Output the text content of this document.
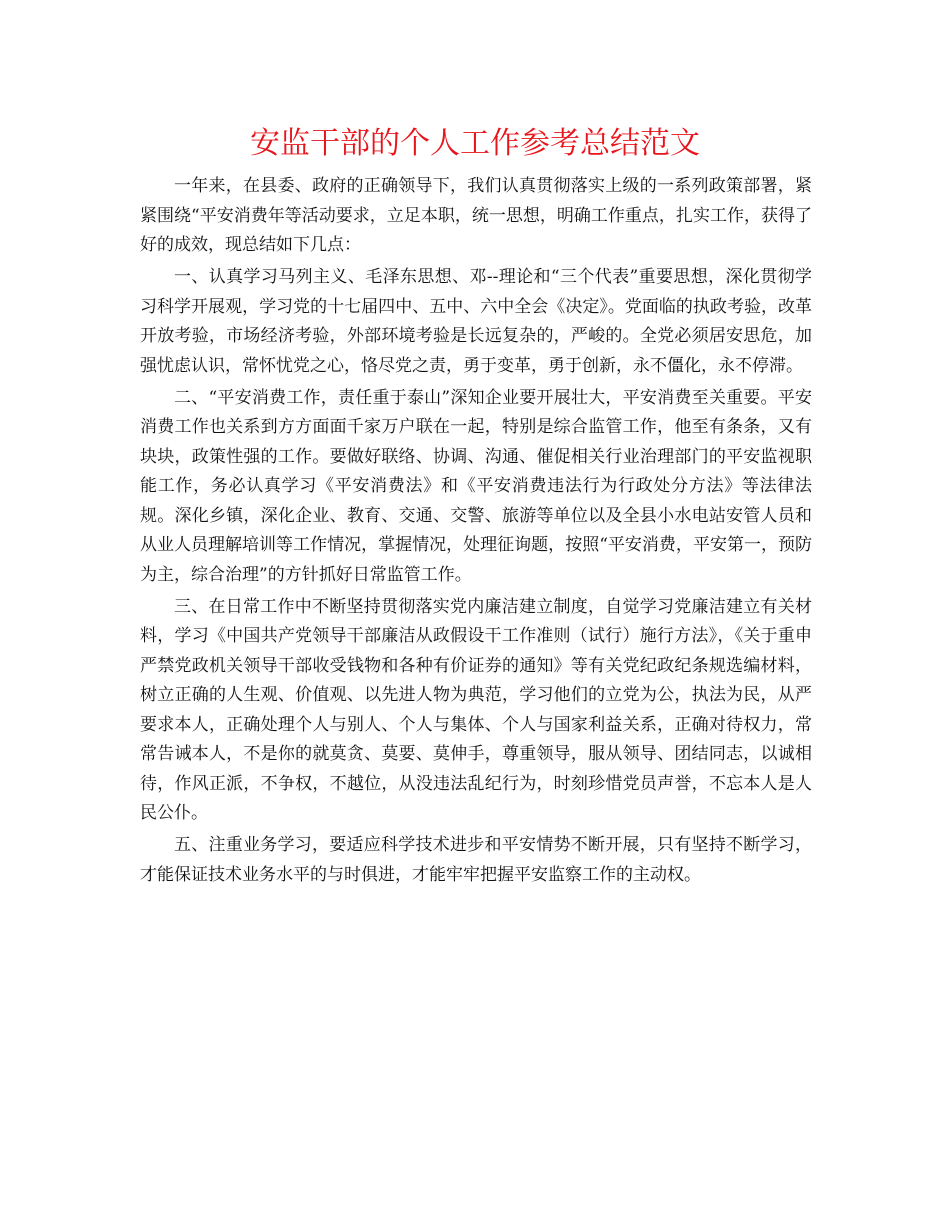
安监干部的个人工作参考总结范文

一年来，在县委、政府的正确领导下，我们认真贯彻落实上级的一系列政策部署，紧紧围绕“平安消费年等活动要求，立足本职，统一思想，明确工作重点，扎实工作，获得了好的成效，现总结如下几点：

一、认真学习马列主义、毛泽东思想、邓--理论和“三个代表”重要思想，深化贯彻学习科学开展观，学习党的十七届四中、五中、六中全会《决定》。党面临的执政考验，改革开放考验，市场经济考验，外部环境考验是长远复杂的，严峻的。全党必须居安思危，加强忧虑认识，常怀忧党之心，恪尽党之责，勇于变革，勇于创新，永不僵化，永不停滞。

二、“平安消费工作，责任重于泰山”深知企业要开展壮大，平安消费至关重要。平安消费工作也关系到方方面面千家万户联在一起，特别是综合监管工作，他至有条条，又有块块，政策性强的工作。要做好联络、协调、沟通、催促相关行业治理部门的平安监视职能工作，务必认真学习《平安消费法》和《平安消费违法行为行政处分方法》等法律法规。深化乡镇，深化企业、教育、交通、交警、旅游等单位以及全县小水电站安管人员和从业人员理解培训等工作情况，掌握情况，处理征询题，按照“平安消费，平安第一，预防为主，综合治理”的方针抓好日常监管工作。

三、在日常工作中不断坚持贯彻落实党内廉洁建立制度，自觉学习党廉洁建立有关材料，学习《中国共产党领导干部廉洁从政假设干工作准则（试行）施行方法》，《关于重申严禁党政机关领导干部收受钱物和各种有价证券的通知》等有关党纪政纪条规选编材料，树立正确的人生观、价值观、以先进人物为典范，学习他们的立党为公，执法为民，从严要求本人，正确处理个人与别人、个人与集体、个人与国家利益关系，正确对待权力，常常告诫本人，不是你的就莫贪、莫要、莫伸手，尊重领导，服从领导、团结同志，以诚相待，作风正派，不争权，不越位，从没违法乱纪行为，时刻珍惜党员声誉，不忘本人是人民公仆。

五、注重业务学习，要适应科学技术进步和平安情势不断开展，只有坚持不断学习，才能保证技术业务水平的与时俱进，才能牢牢把握平安监察工作的主动权。
